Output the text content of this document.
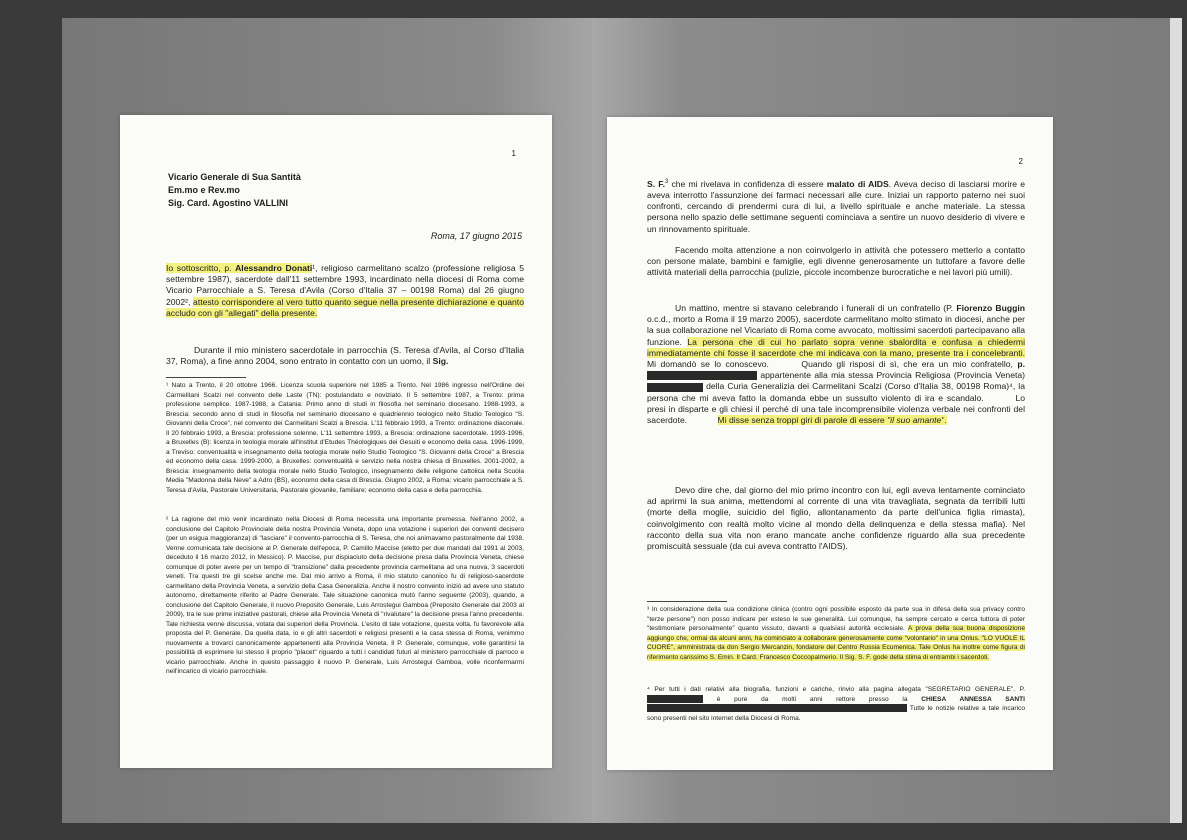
1
Vicario Generale di Sua Santità
Em.mo e Rev.mo
Sig. Card. Agostino VALLINI
Roma, 17 giugno 2015
Io sottoscritto, p. Alessandro Donati¹, religioso carmelitano scalzo (professione religiosa 5 settembre 1987), sacerdote dall'11 settembre 1993, incardinato nella diocesi di Roma come Vicario Parrocchiale a S. Teresa d'Avila (Corso d'Italia 37 – 00198 Roma) dal 26 giugno 2002², attesto corrispondere al vero tutto quanto segue nella presente dichiarazione e quanto accludo con gli "allegati" della presente.
Durante il mio ministero sacerdotale in parrocchia (S. Teresa d'Avila, al Corso d'Italia 37, Roma), a fine anno 2004, sono entrato in contatto con un uomo, il Sig.
¹ Nato a Trento, il 20 ottobre 1966. Licenza scuola superiore nel 1985 a Trento. Nel 1986 ingresso nell'Ordine dei Carmelitani Scalzi nel convento delle Laste (TN): postulandato e noviziato. Il 5 settembre 1987, a Trento: prima professione semplice. 1987-1988, a Catania: Primo anno di studi in filosofia nel seminario diocesano. 1988-1993, a Brescia: secondo anno di studi in filosofia nel seminario diocesano e quadriennio teologico nello Studio Teologico "S. Giovanni della Croce", nel convento dei Carmelitani Scalzi a Brescia. L'11 febbraio 1993, a Trento: ordinazione diaconale. Il 20 febbraio 1993, a Brescia: professione solenne. L'11 settembre 1993, a Brescia: ordinazione sacerdotale. 1993-1996, a Bruxelles (B): licenza in teologia morale all'Institut d'Etudes Théologiques dei Gesuiti e economo della casa. 1996-1999, a Treviso: conventualità e insegnamento della teologia morale nello Studio Teologico "S. Giovanni della Croce" a Brescia ed economo della casa. 1999-2000, a Bruxelles: conventualità e servizio nella nostra chiesa di Bruxelles. 2001-2002, a Brescia: insegnamento della teologia morale nello Studio Teologico, insegnamento delle religione cattolica nella Scuola Media "Madonna della Neve" a Adro (BS), economo della casa di Brescia. Giugno 2002, a Roma: vicario parrocchiale a S. Teresa d'Avila, Pastorale Universitaria, Pastorale giovanile, familiare; economo della casa e della parrocchia.
² La ragione del mio venir incardinato nella Diocesi di Roma necessita una importante premessa. Nell'anno 2002, a conclusione del Capitolo Provinciale della nostra Provincia Veneta, dopo una votazione i superiori dei conventi decisero (per un esigua maggioranza) di "lasciare" il convento-parrocchia di S. Teresa, che noi animavamo pastoralmente dal 1938. Venne comunicata tale decisione al P. Generale dell'epoca, P. Camillo Maccise (eletto per due mandati dal 1991 al 2003, deceduto il 16 marzo 2012, in Messico). P. Maccise, pur dispiaciuto della decisione presa dalla Provincia Veneta, chiese comunque di poter avere per un tempo di "transizione" dalla precedente provincia carmelitana ad una nuova, 3 sacerdoti veneti. Tra questi tre gli scelse anche me. Dal mio arrivo a Roma, il mio statuto canonico fu di religioso-sacerdote carmelitano della Provincia Veneta, a servizio della Casa Generalizia. Anche il nostro convento iniziò ad avere uno statuto autonomo, direttamente riferito al Padre Generale. Tale situazione canonica mutò l'anno seguente (2003), quando, a conclusione del Capitolo Generale, il nuovo Preposito Generale, Luis Arrostegui Gamboa (Preposito Generale dal 2003 al 2009), tra le sue prime iniziative pastorali, chiese alla Provincia Veneta di "rivalutare" la decisione presa l'anno precedente. Tale richiesta venne discussa, votata dai superiori della Provincia. L'esito di tale votazione, questa volta, fu favorevole alla proposta del P. Generale. Da quella data, io e gli altri sacerdoti e religiosi presenti e la casa stessa di Roma, venimmo nuovamente a trovarci canonicamente appartenenti alla Provincia Veneta. Il P. Generale, comunque, volle garantirsi la possibilità di esprimere lui stesso il proprio "placet" riguardo a tutti i candidati futuri al ministero parrocchiale di parroco e vicario parrocchiale. Anche in questo passaggio il nuovo P. Generale, Luis Arrostegui Gamboa, volle riconfermarmi nell'incarico di vicario parrocchiale.
2
S. F.$^3$ che mi rivelava in confidenza di essere malato di AIDS. Aveva deciso di lasciarsi morire e aveva interrotto l'assunzione dei farmaci necessari alle cure. Iniziai un rapporto paterno nei suoi confronti, cercando di prendermi cura di lui, a livello spirituale e anche materiale. La stessa persona nello spazio delle settimane seguenti cominciava a sentire un nuovo desiderio di vivere e un rinnovamento spirituale.
Facendo molta attenzione a non coinvolgerlo in attività che potessero metterlo a contatto con persone malate, bambini e famiglie, egli divenne generosamente un tuttofare a favore delle attività materiali della parrocchia (pulizie, piccole incombenze burocratiche e nei lavori più umili).
Un mattino, mentre si stavano celebrando i funerali di un confratello (P. Fiorenzo Buggin o.c.d., morto a Roma il 19 marzo 2005), sacerdote carmelitano molto stimato in diocesi, anche per la sua collaborazione nel Vicariato di Roma come avvocato, moltissimi sacerdoti partecipavano alla funzione. La persona che di cui ho parlato sopra venne sbalordita e confusa a chiedermi immediatamente chi fosse il sacerdote che mi indicava con la mano, presente tra i concelebranti. Mi domandò se lo conoscevo.	Quando gli risposi di sì, che era un mio confratello, p.  appartenente alla mia stessa Provincia Religiosa (Provincia Veneta)  della Curia Generalizia dei Carmelitani Scalzi (Corso d'Italia 38, 00198 Roma)⁴, la persona che mi aveva fatto la domanda ebbe un sussulto violento di ira e scandalo.	Lo presi in disparte e gli chiesi il perché di una tale incomprensibile violenza verbale nei confronti del sacerdote.	Mi disse senza troppi giri di parole di essere "il suo amante".
Devo dire che, dal giorno del mio primo incontro con lui, egli aveva lentamente cominciato ad aprirmi la sua anima, mettendomi al corrente di una vita travagliata, segnata da terribili lutti (morte della moglie, suicidio del figlio, allontanamento da parte dell'unica figlia rimasta), coinvolgimento con realtà molto vicine al mondo della delinquenza e della stessa mafia). Nel racconto della sua vita non erano mancate anche confidenze riguardo alla sua precedente promiscuità sessuale (da cui aveva contratto l'AIDS).
³ In considerazione della sua condizione clinica (contro ogni possibile esposto da parte sua in difesa della sua privacy contro "terze persone") non posso indicare per esteso le sue generalità. Lui comunque, ha sempre cercato e cerca tuttora di poter "testimoniare personalmente" quanto vissuto, davanti a qualsiasi autorità ecclesiale. A prova della sua buona disposizione aggiungo che, ormai da alcuni anni, ha cominciato a collaborare generosamente come "volontario" in una Onlus. "LO VUOLE IL CUORE", amministrata da don Sergio Mercanzin, fondatore del Centro Russia Ecumenica. Tale Onlus ha inoltre come figura di riferimento carissimo S. Emin. Il Card. Francesco Coccopalmerio. Il Sig. S. F. gode della stima di entrambi i sacerdoti.
⁴ Per tutti i dati relativi alla biografia, funzioni e cariche, rinvio alla pagina allegata "SEGRETARIO GENERALE". P.  è pure da molti anni rettore presso la CHIESA ANNESSA SANTI  Tutte le notizie relative a tale incarico sono presenti nel sito internet della Diocesi di Roma.
